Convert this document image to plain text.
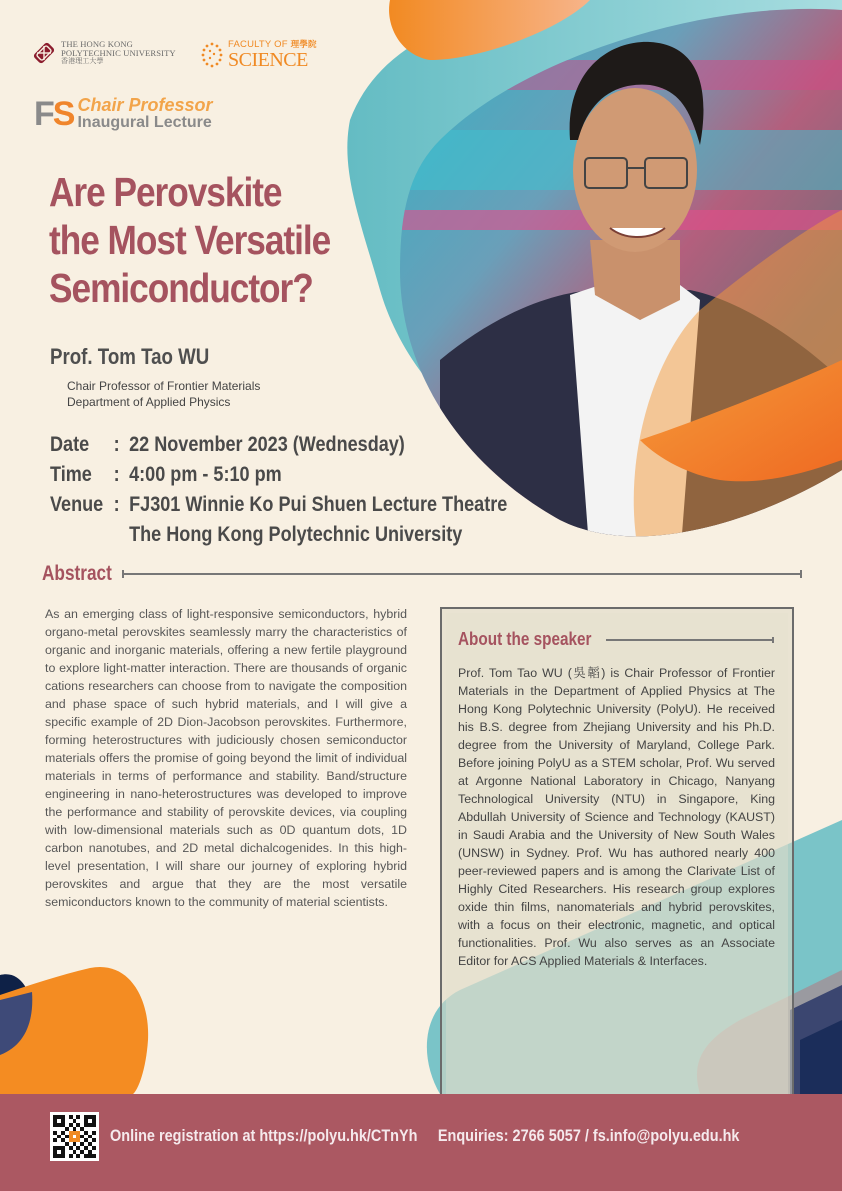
THE HONG KONG
POLYTECHNIC UNIVERSITY
香港理工大學
FACULTY OF 理學院
SCIENCE
FS Chair Professor
Inaugural Lecture
Are Perovskite
the Most Versatile
Semiconductor?
Prof. Tom Tao WU
Chair Professor of Frontier Materials
Department of Applied Physics
Date	: 22 November 2023 (Wednesday)
Time	: 4:00 pm - 5:10 pm
Venue : FJ301 Winnie Ko Pui Shuen Lecture Theatre
The Hong Kong Polytechnic University
Abstract
As an emerging class of light-responsive semiconductors, hybrid organo-metal perovskites seamlessly marry the characteristics of organic and inorganic materials, offering a new fertile playground to explore light-matter interaction. There are thousands of organic cations researchers can choose from to navigate the composition and phase space of such hybrid materials, and I will give a specific example of 2D Dion-Jacobson perovskites. Furthermore, forming heterostructures with judiciously chosen semiconductor materials offers the promise of going beyond the limit of individual materials in terms of performance and stability. Band/structure engineering in nano-heterostructures was developed to improve the performance and stability of perovskite devices, via coupling with low-dimensional materials such as 0D quantum dots, 1D carbon nanotubes, and 2D metal dichalcogenides. In this high-level presentation, I will share our journey of exploring hybrid perovskites and argue that they are the most versatile semiconductors known to the community of material scientists.
About the speaker
Prof. Tom Tao WU (吳韜) is Chair Professor of Frontier Materials in the Department of Applied Physics at The Hong Kong Polytechnic University (PolyU). He received his B.S. degree from Zhejiang University and his Ph.D. degree from the University of Maryland, College Park. Before joining PolyU as a STEM scholar, Prof. Wu served at Argonne National Laboratory in Chicago, Nanyang Technological University (NTU) in Singapore, King Abdullah University of Science and Technology (KAUST) in Saudi Arabia and the University of New South Wales (UNSW) in Sydney. Prof. Wu has authored nearly 400 peer-reviewed papers and is among the Clarivate List of Highly Cited Researchers. His research group explores oxide thin films, nanomaterials and hybrid perovskites, with a focus on their electronic, magnetic, and optical functionalities. Prof. Wu also serves as an Associate Editor for ACS Applied Materials & Interfaces.
Online registration at https://polyu.hk/CTnYh Enquiries: 2766 5057 / fs.info@polyu.edu.hk
